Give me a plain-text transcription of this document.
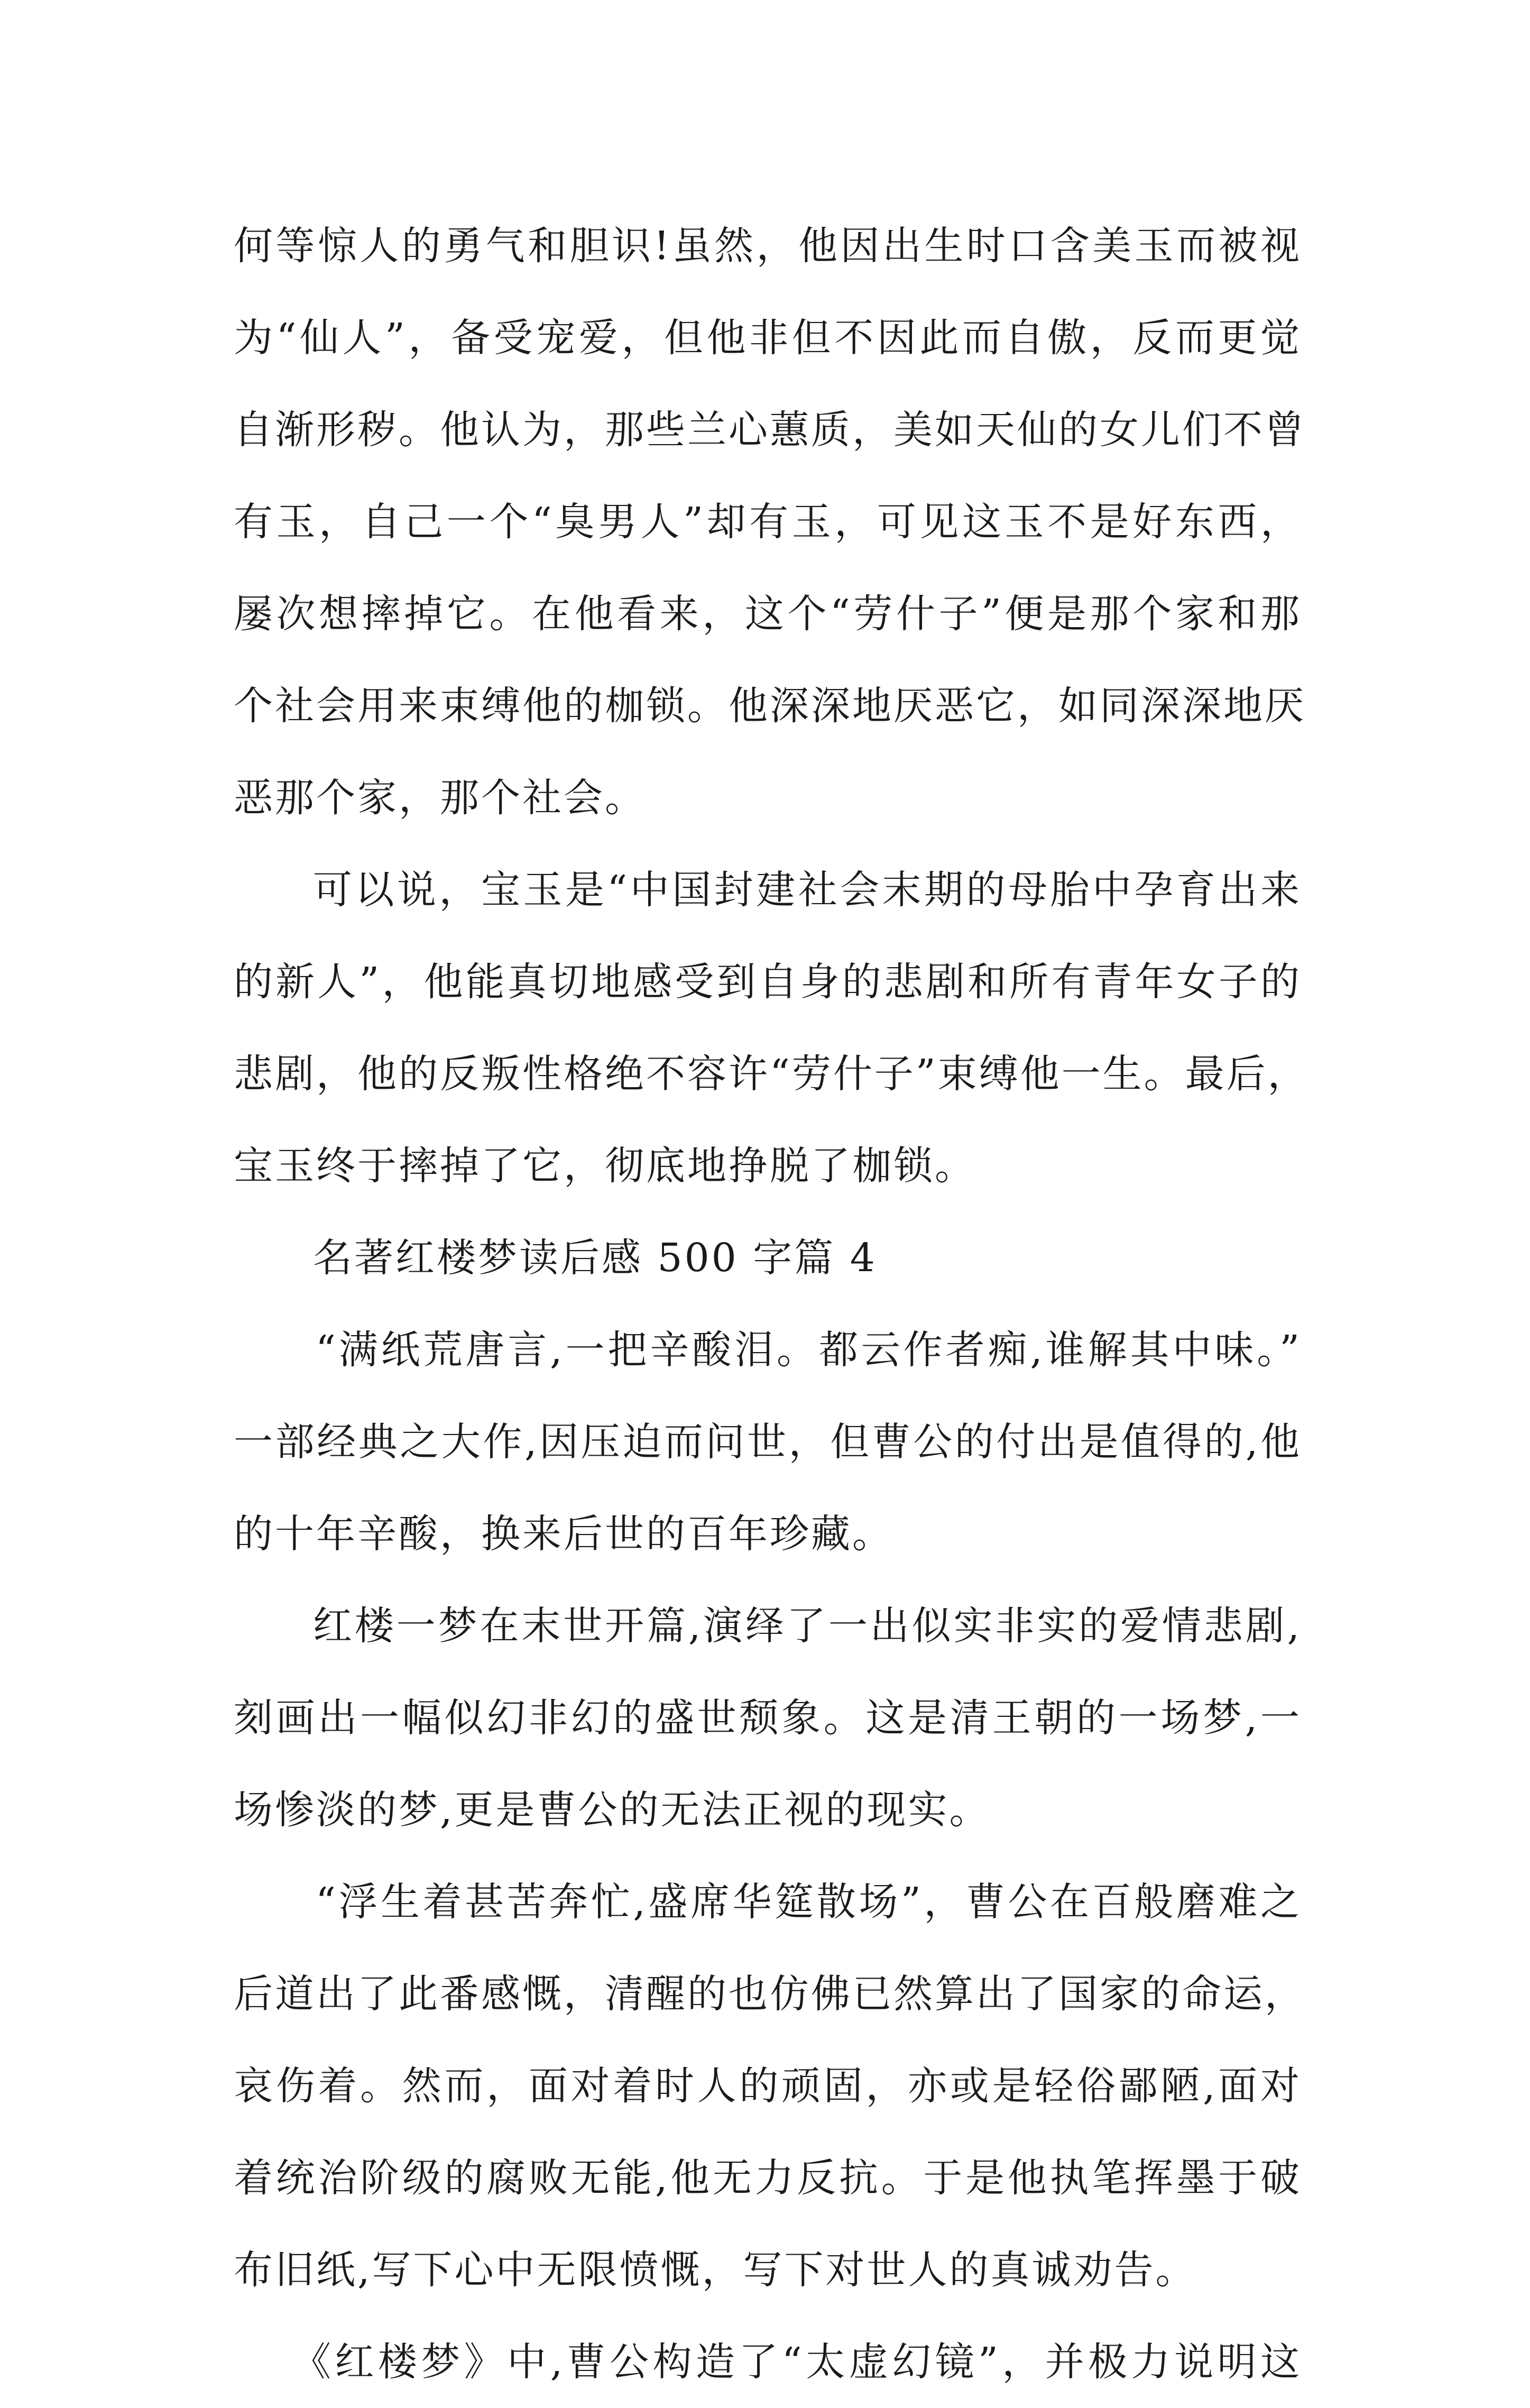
何等惊人的勇气和胆识!虽然，他因出生时口含美玉而被视
为“仙人”，备受宠爱，但他非但不因此而自傲，反而更觉
自渐形秽。他认为，那些兰心蕙质，美如天仙的女儿们不曾
有玉，自己一个“臭男人”却有玉，可见这玉不是好东西，
屡次想摔掉它。在他看来，这个“劳什子”便是那个家和那
个社会用来束缚他的枷锁。他深深地厌恶它，如同深深地厌
恶那个家，那个社会。
可以说，宝玉是“中国封建社会末期的母胎中孕育出来
的新人”，他能真切地感受到自身的悲剧和所有青年女子的
悲剧，他的反叛性格绝不容许“劳什子”束缚他一生。最后，
宝玉终于摔掉了它，彻底地挣脱了枷锁。
名著红楼梦读后感 500 字篇 4
“满纸荒唐言,一把辛酸泪。都云作者痴,谁解其中味。”
一部经典之大作,因压迫而问世，但曹公的付出是值得的,他
的十年辛酸，换来后世的百年珍藏。
红楼一梦在末世开篇,演绎了一出似实非实的爱情悲剧,
刻画出一幅似幻非幻的盛世颓象。这是清王朝的一场梦,一
场惨淡的梦,更是曹公的无法正视的现实。
“浮生着甚苦奔忙,盛席华筵散场”，曹公在百般磨难之
后道出了此番感慨，清醒的也仿佛已然算出了国家的命运，
哀伤着。然而，面对着时人的顽固，亦或是轻俗鄙陋,面对
着统治阶级的腐败无能,他无力反抗。于是他执笔挥墨于破
布旧纸,写下心中无限愤慨，写下对世人的真诚劝告。
《红楼梦》中,曹公构造了“太虚幻镜”，并极力说明这
